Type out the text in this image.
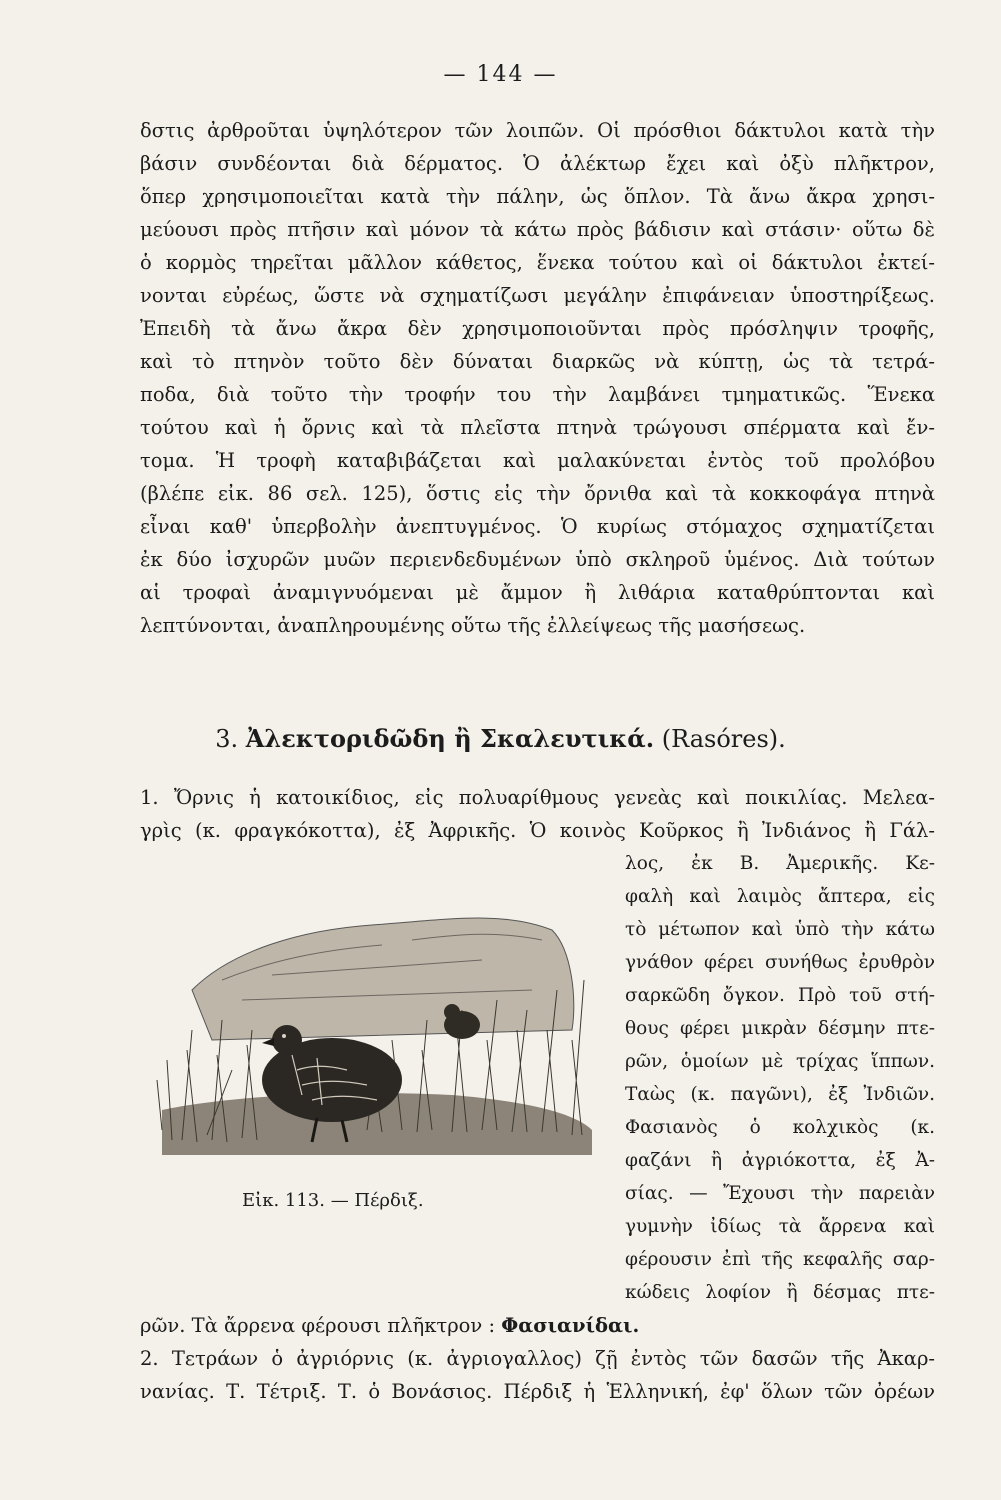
— 144 —
δστις ἀρθροῦται ὑψηλότερον τῶν λοιπῶν. Οἱ πρόσθιοι δάκτυλοι κατὰ τὴν
βάσιν συνδέονται διὰ δέρματος. Ὁ ἀλέκτωρ ἔχει καὶ ὀξὺ πλῆκτρον,
ὅπερ χρησιμοποιεῖται κατὰ τὴν πάλην, ὡς ὅπλον. Τὰ ἄνω ἄκρα χρησι-
μεύουσι πρὸς πτῆσιν καὶ μόνον τὰ κάτω πρὸς βάδισιν καὶ στάσιν· οὕτω δὲ
ὁ κορμὸς τηρεῖται μᾶλλον κάθετος, ἕνεκα τούτου καὶ οἱ δάκτυλοι ἐκτεί-
νονται εὐρέως, ὥστε νὰ σχηματίζωσι μεγάλην ἐπιφάνειαν ὑποστηρίξεως.
Ἐπειδὴ τὰ ἄνω ἄκρα δὲν χρησιμοποιοῦνται πρὸς πρόσληψιν τροφῆς,
καὶ τὸ πτηνὸν τοῦτο δὲν δύναται διαρκῶς νὰ κύπτῃ, ὡς τὰ τετρά-
ποδα, διὰ τοῦτο τὴν τροφήν του τὴν λαμβάνει τμηματικῶς. Ἕνεκα
τούτου καὶ ἡ ὄρνις καὶ τὰ πλεῖστα πτηνὰ τρώγουσι σπέρματα καὶ ἔν-
τομα. Ἡ τροφὴ καταβιβάζεται καὶ μαλακύνεται ἐντὸς τοῦ προλόβου
(βλέπε εἰκ. 86 σελ. 125), ὅστις εἰς τὴν ὄρνιθα καὶ τὰ κοκκοφάγα πτηνὰ
εἶναι καθ' ὑπερβολὴν ἀνεπτυγμένος. Ὁ κυρίως στόμαχος σχηματίζεται
ἐκ δύο ἰσχυρῶν μυῶν περιενδεδυμένων ὑπὸ σκληροῦ ὑμένος. Διὰ τούτων
αἱ τροφαὶ ἀναμιγνυόμεναι μὲ ἄμμον ἢ λιθάρια καταθρύπτονται καὶ
λεπτύνονται, ἀναπληρουμένης οὕτω τῆς ἐλλείψεως τῆς μασήσεως.
3. Ἀλεκτοριδῶδη ἢ Σκαλευτικά. (Rasóres).
1. Ὄρνις ἡ κατοικίδιος, εἰς πολυαρίθμους γενεὰς καὶ ποικιλίας. Μελεα-
γρὶς (κ. φραγκόκοττα), ἐξ Ἀφρικῆς. Ὁ κοινὸς Κοῦρκος ἢ Ἰνδιάνος ἢ Γάλ-
λος, ἐκ Β. Ἀμερικῆς. Κε-
φαλὴ καὶ λαιμὸς ἄπτερα, εἰς
τὸ μέτωπον καὶ ὑπὸ τὴν κάτω
γνάθον φέρει συνήθως ἐρυθρὸν
σαρκῶδη ὄγκον. Πρὸ τοῦ στή-
θους φέρει μικρὰν δέσμην πτε-
ρῶν, ὁμοίων μὲ τρίχας ἵππων.
Ταὼς (κ. παγῶνι), ἐξ Ἰνδιῶν.
Φασιανὸς ὁ κολχικὸς (κ.
φαζάνι ἢ ἀγριόκοττα, ἐξ Ἀ-
σίας. — Ἔχουσι τὴν παρειὰν
γυμνὴν ἰδίως τὰ ἄρρενα καὶ
φέρουσιν ἐπὶ τῆς κεφαλῆς σαρ-
κώδεις λοφίον ἢ δέσμας πτε-
ρῶν. Τὰ ἄρρενα φέρουσι πλῆκτρον : Φασιανίδαι.
2. Τετράων ὁ ἀγριόρνις (κ. ἀγριογαλλος) ζῇ ἐντὸς τῶν δασῶν τῆς Ἀκαρ-
νανίας. Τ. Τέτριξ. Τ. ὁ Βονάσιος. Πέρδιξ ἡ Ἑλληνική, ἐφ' ὅλων τῶν ὀρέων
Εἰκ. 113. — Πέρδιξ.
